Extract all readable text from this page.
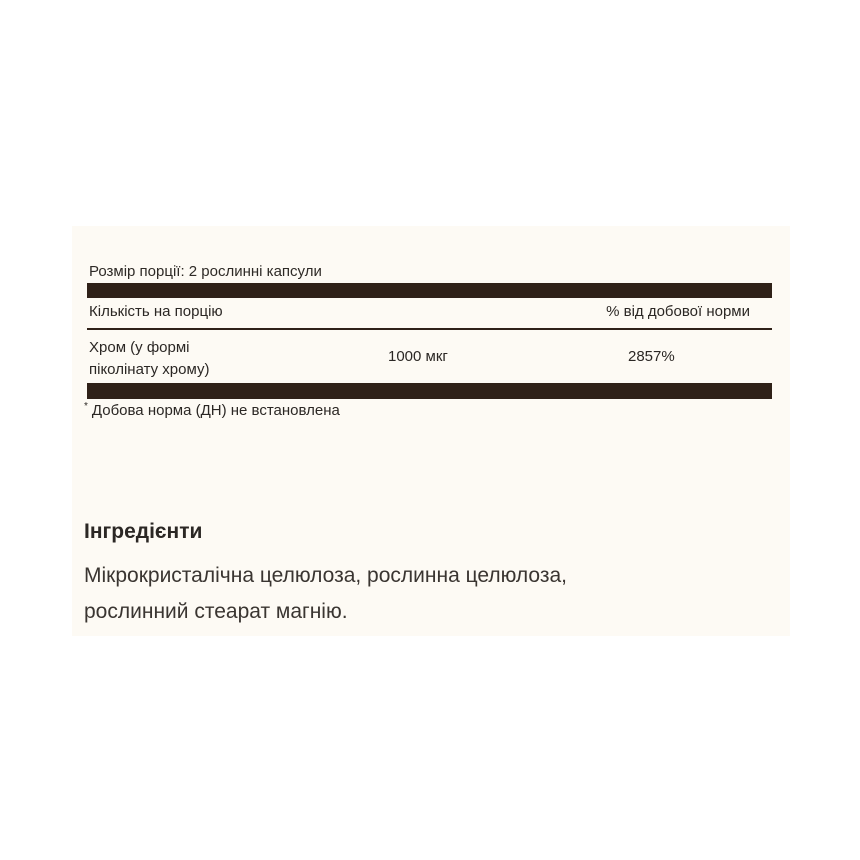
Розмір порції: 2 рослинні капсули
Кількість на порцію	% від добової норми
Хром (у формі
піколінату хрому)
1000 мкг	2857%
* Добова норма (ДН) не встановлена
Інгредієнти
Мікрокристалічна целюлоза, рослинна целюлоза,
рослинний стеарат магнію.
